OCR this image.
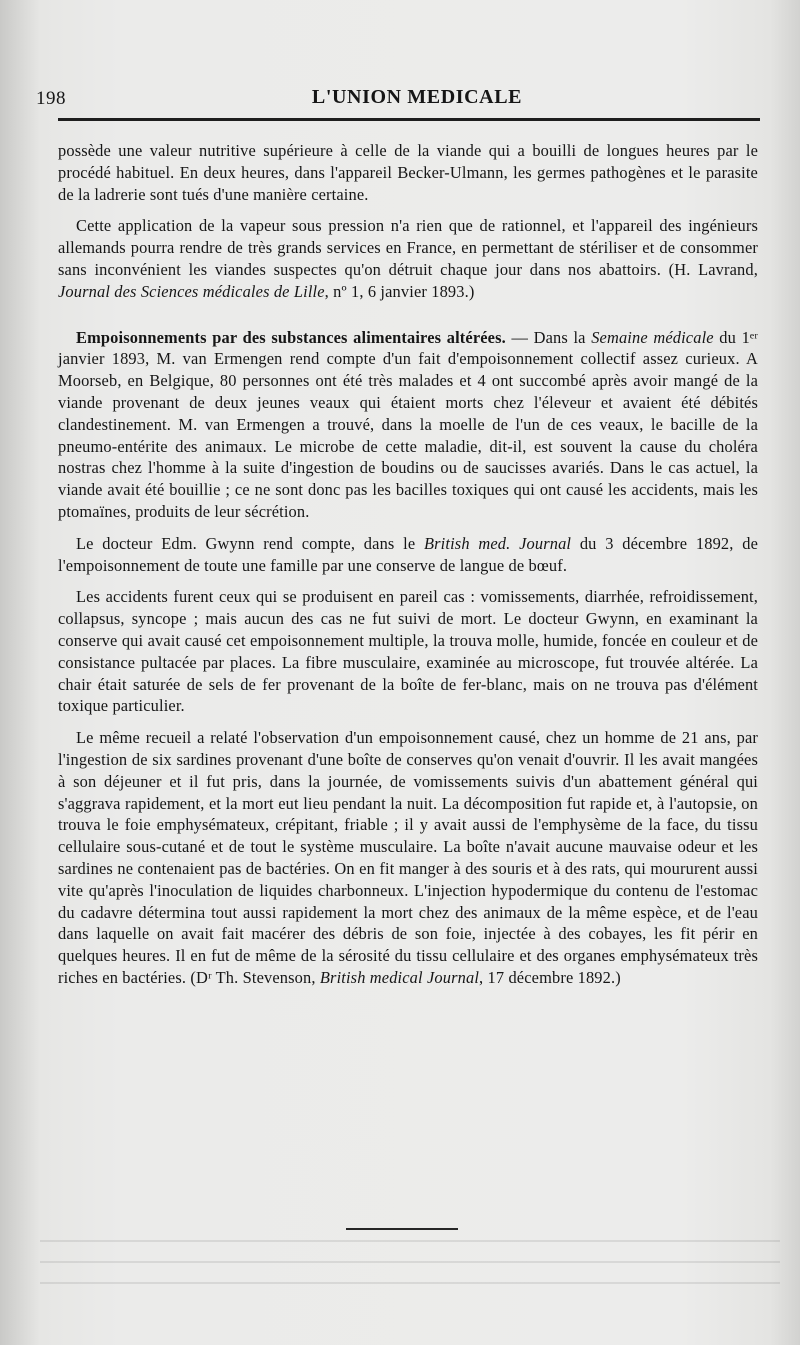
198	L'UNION MEDICALE

possède une valeur nutritive supérieure à celle de la viande qui a bouilli de longues heures par le procédé habituel. En deux heures, dans l'appareil Becker-Ulmann, les germes pathogènes et le parasite de la ladrerie sont tués d'une manière certaine.

Cette application de la vapeur sous pression n'a rien que de rationnel, et l'appareil des ingénieurs allemands pourra rendre de très grands services en France, en permettant de stériliser et de consommer sans inconvénient les viandes suspectes qu'on détruit chaque jour dans nos abattoirs. (H. Lavrand, Journal des Sciences médicales de Lille, nº 1, 6 janvier 1893.)

Empoisonnements par des substances alimentaires altérées. — Dans la Semaine médicale du 1ᵉʳ janvier 1893, M. van Ermengen rend compte d'un fait d'empoisonnement collectif assez curieux. A Moorseb, en Belgique, 80 personnes ont été très malades et 4 ont succombé après avoir mangé de la viande provenant de deux jeunes veaux qui étaient morts chez l'éleveur et avaient été débités clandestinement. M. van Ermengen a trouvé, dans la moelle de l'un de ces veaux, le bacille de la pneumo-entérite des animaux. Le microbe de cette maladie, dit-il, est souvent la cause du choléra nostras chez l'homme à la suite d'ingestion de boudins ou de saucisses avariés. Dans le cas actuel, la viande avait été bouillie ; ce ne sont donc pas les bacilles toxiques qui ont causé les accidents, mais les ptomaïnes, produits de leur sécrétion.

Le docteur Edm. Gwynn rend compte, dans le British med. Journal du 3 décembre 1892, de l'empoisonnement de toute une famille par une conserve de langue de bœuf.

Les accidents furent ceux qui se produisent en pareil cas : vomissements, diarrhée, refroidissement, collapsus, syncope ; mais aucun des cas ne fut suivi de mort. Le docteur Gwynn, en examinant la conserve qui avait causé cet empoisonnement multiple, la trouva molle, humide, foncée en couleur et de consistance pultacée par places. La fibre musculaire, examinée au microscope, fut trouvée altérée. La chair était saturée de sels de fer provenant de la boîte de fer-blanc, mais on ne trouva pas d'élément toxique particulier.

Le même recueil a relaté l'observation d'un empoisonnement causé, chez un homme de 21 ans, par l'ingestion de six sardines provenant d'une boîte de conserves qu'on venait d'ouvrir. Il les avait mangées à son déjeuner et il fut pris, dans la journée, de vomissements suivis d'un abattement général qui s'aggrava rapidement, et la mort eut lieu pendant la nuit. La décomposition fut rapide et, à l'autopsie, on trouva le foie emphysémateux, crépitant, friable ; il y avait aussi de l'emphysème de la face, du tissu cellulaire sous-cutané et de tout le système musculaire. La boîte n'avait aucune mauvaise odeur et les sardines ne contenaient pas de bactéries. On en fit manger à des souris et à des rats, qui moururent aussi vite qu'après l'inoculation de liquides charbonneux. L'injection hypodermique du contenu de l'estomac du cadavre détermina tout aussi rapidement la mort chez des animaux de la même espèce, et de l'eau dans laquelle on avait fait macérer des débris de son foie, injectée à des cobayes, les fit périr en quelques heures. Il en fut de même de la sérosité du tissu cellulaire et des organes emphysémateux très riches en bactéries. (Dʳ Th. Stevenson, British medical Journal, 17 décembre 1892.)
